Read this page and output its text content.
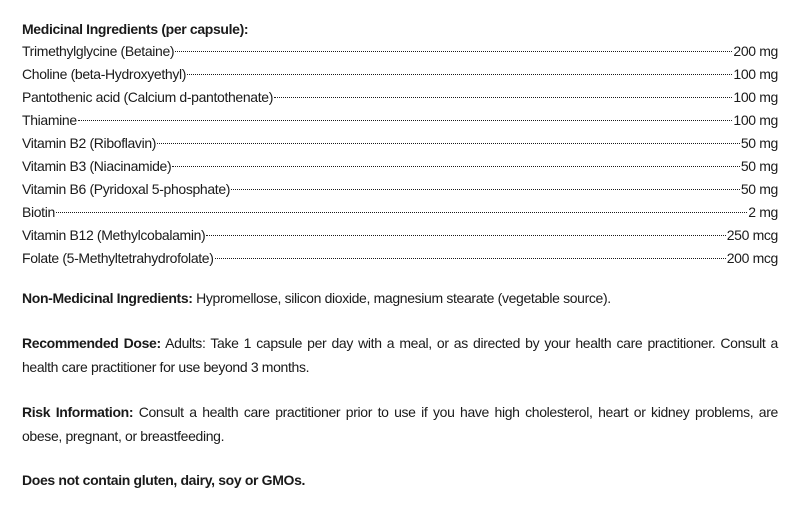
Medicinal Ingredients (per capsule):
Trimethylglycine (Betaine)	200 mg
Choline (beta-Hydroxyethyl)	100 mg
Pantothenic acid (Calcium d-pantothenate)	100 mg
Thiamine	100 mg
Vitamin B2 (Riboflavin)	50 mg
Vitamin B3 (Niacinamide)	50 mg
Vitamin B6 (Pyridoxal 5-phosphate)	50 mg
Biotin	2 mg
Vitamin B12 (Methylcobalamin)	250 mcg
Folate (5-Methyltetrahydrofolate)	200 mcg

Non-Medicinal Ingredients: Hypromellose, silicon dioxide, magnesium stearate (vegetable source).

Recommended Dose: Adults: Take 1 capsule per day with a meal, or as directed by your health care practitioner. Consult a health care practitioner for use beyond 3 months.

Risk Information: Consult a health care practitioner prior to use if you have high cholesterol, heart or kidney problems, are obese, pregnant, or breastfeeding.

Does not contain gluten, dairy, soy or GMOs.
